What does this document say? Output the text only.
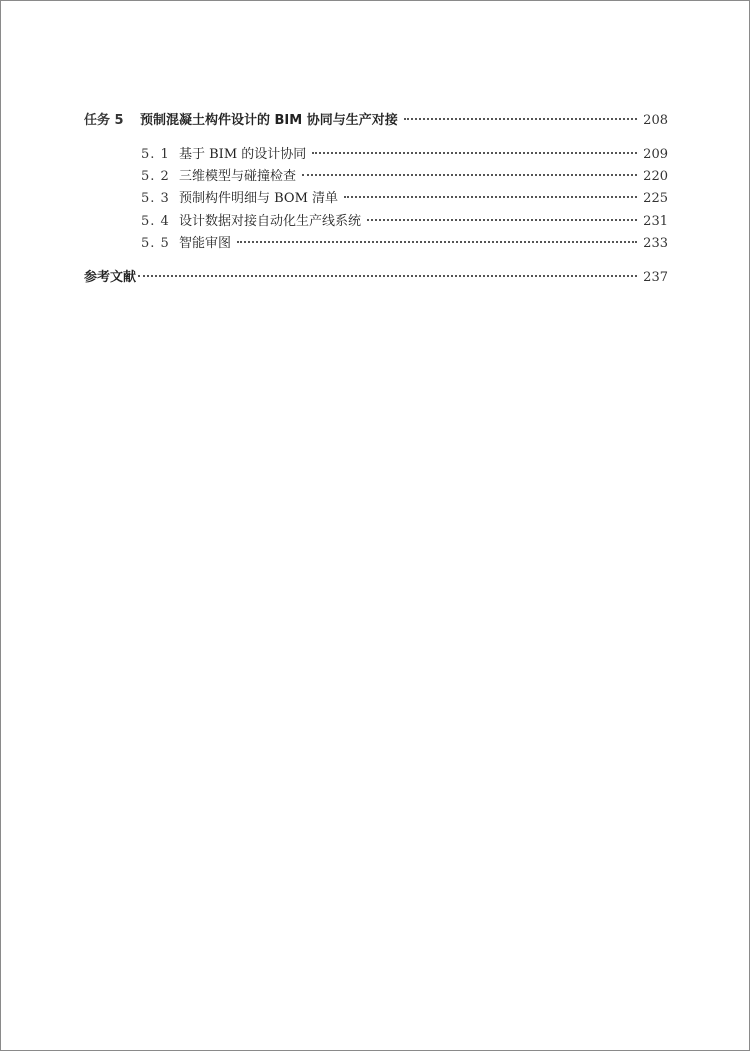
任务 5	预制混凝土构件设计的 BIM 协同与生产对接	208
5. 1 基于 BIM 的设计协同	209
5. 2 三维模型与碰撞检查	220
5. 3 预制构件明细与 BOM 清单	225
5. 4 设计数据对接自动化生产线系统	231
5. 5 智能审图	233
参考文献	237
